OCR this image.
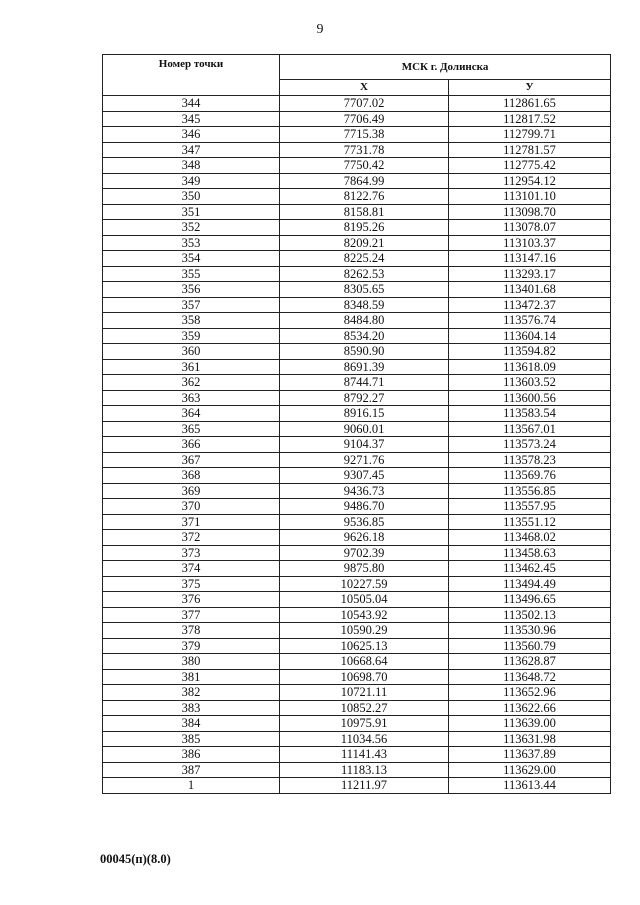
9
Номер точки	МСК г. Долинска	
	X	У
344	7707.02	112861.65
345	7706.49	112817.52
346	7715.38	112799.71
347	7731.78	112781.57
348	7750.42	112775.42
349	7864.99	112954.12
350	8122.76	113101.10
351	8158.81	113098.70
352	8195.26	113078.07
353	8209.21	113103.37
354	8225.24	113147.16
355	8262.53	113293.17
356	8305.65	113401.68
357	8348.59	113472.37
358	8484.80	113576.74
359	8534.20	113604.14
360	8590.90	113594.82
361	8691.39	113618.09
362	8744.71	113603.52
363	8792.27	113600.56
364	8916.15	113583.54
365	9060.01	113567.01
366	9104.37	113573.24
367	9271.76	113578.23
368	9307.45	113569.76
369	9436.73	113556.85
370	9486.70	113557.95
371	9536.85	113551.12
372	9626.18	113468.02
373	9702.39	113458.63
374	9875.80	113462.45
375	10227.59	113494.49
376	10505.04	113496.65
377	10543.92	113502.13
378	10590.29	113530.96
379	10625.13	113560.79
380	10668.64	113628.87
381	10698.70	113648.72
382	10721.11	113652.96
383	10852.27	113622.66
384	10975.91	113639.00
385	11034.56	113631.98
386	11141.43	113637.89
387	11183.13	113629.00
1	11211.97	113613.44
00045(п)(8.0)
